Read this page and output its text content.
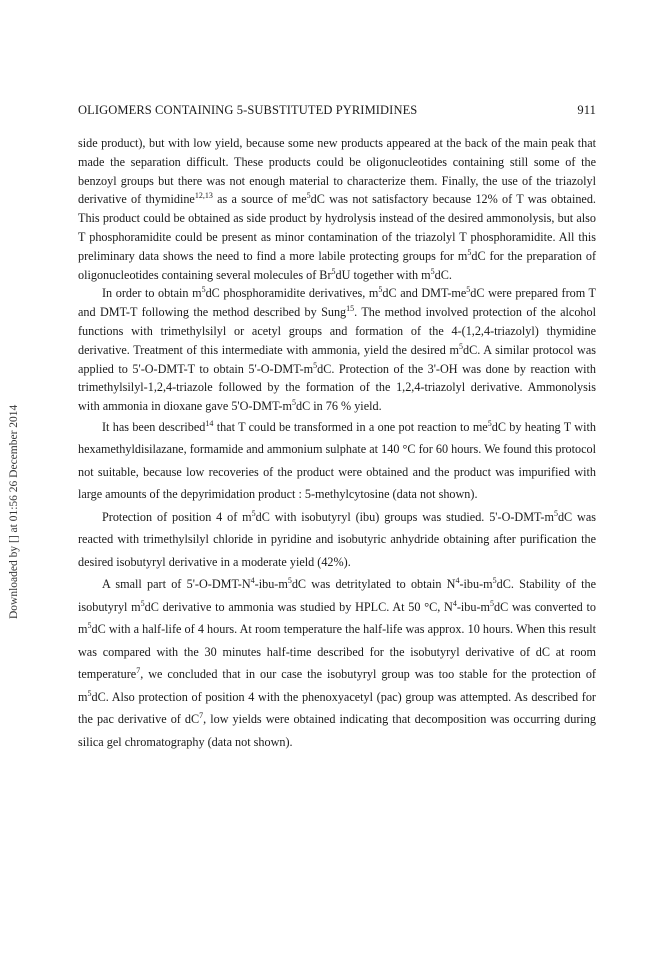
OLIGOMERS CONTAINING 5-SUBSTITUTED PYRIMIDINES	911
Downloaded by [] at 01:56 26 December 2014

side product), but with low yield, because some new products appeared at the back of the main peak that made the separation difficult. These products could be oligonucleotides containing still some of the benzoyl groups but there was not enough material to characterize them. Finally, the use of the triazolyl derivative of thymidine$^{12,13}$ as a source of $me^5dC$ was not satisfactory because 12% of T was obtained. This product could be obtained as side product by hydrolysis instead of the desired ammonolysis, but also T phosphoramidite could be present as minor contamination of the triazolyl T phosphoramidite. All this preliminary data shows the need to find a more labile protecting groups for $m^5dC$ for the preparation of oligonucleotides containing several molecules of Br$^5$dU together with $m^5dC$.

In order to obtain $m^5dC$ phosphoramidite derivatives, $m^5dC$ and DMT-$me^5dC$ were prepared from T and DMT-T following the method described by Sung$^{15}$. The method involved protection of the alcohol functions with trimethylsilyl or acetyl groups and formation of the 4-(1,2,4-triazolyl) thymidine derivative. Treatment of this intermediate with ammonia, yield the desired $m^5dC$. A similar protocol was applied to 5'-O-DMT-T to obtain $5'-O-DMT-m^5dC$. Protection of the 3'-OH was done by reaction with trimethylsilyl-1,2,4-triazole followed by the formation of the 1,2,4-triazolyl derivative. Ammonolysis with ammonia in dioxane gave $5'O-DMT-m^5dC$ in 76 % yield.

It has been described$^{14}$ that T could be transformed in a one pot reaction to $me^5dC$ by heating T with hexamethyldisilazane, formamide and ammonium sulphate at 140 °C for 60 hours. We found this protocol not suitable, because low recoveries of the product were obtained and the product was impurified with large amounts of the depyrimidation product : 5-methylcytosine (data not shown).

Protection of position 4 of $m^5dC$ with isobutyryl (ibu) groups was studied. $5'-O-DMT-m^5dC$ was reacted with trimethylsilyl chloride in pyridine and isobutyric anhydride obtaining after purification the desired isobutyryl derivative in a moderate yield (42%).

A small part of $5'-O-DMT-N^4-ibu-m^5dC$ was detritylated to obtain $N^4-ibu-m^5dC$. Stability of the isobutyryl $m^5dC$ derivative to ammonia was studied by HPLC. At 50 °C, $N^4-ibu-m^5dC$ was converted to $m^5dC$ with a half-life of 4 hours. At room temperature the half-life was approx. 10 hours. When this result was compared with the 30 minutes half-time described for the isobutyryl derivative of dC at room temperature$^7$, we concluded that in our case the isobutyryl group was too stable for the protection of $m^5dC$. Also protection of position 4 with the phenoxyacetyl (pac) group was attempted. As described for the pac derivative of $dC^7$, low yields were obtained indicating that decomposition was occurring during silica gel chromatography (data not shown).
